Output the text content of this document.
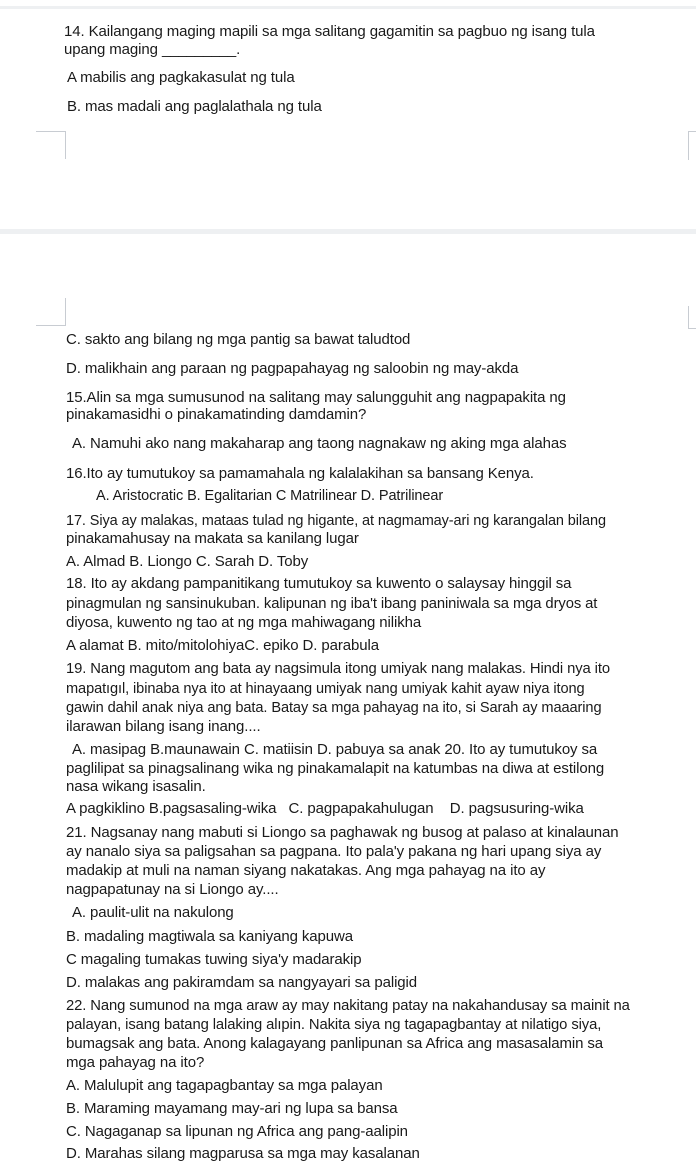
14. Kailangang maging mapili sa mga salitang gagamitin sa pagbuo ng isang tula
upang maging _________.
A mabilis ang pagkakasulat ng tula
B. mas madali ang paglalathala ng tula
C. sakto ang bilang ng mga pantig sa bawat taludtod
D. malikhain ang paraan ng pagpapahayag ng saloobin ng may-akda
15.Alin sa mga sumusunod na salitang may salungguhit ang nagpapakita ng
pinakamasidhi o pinakamatinding damdamin?
A. Namuhi ako nang makaharap ang taong nagnakaw ng aking mga alahas
16.Ito ay tumutukoy sa pamamahala ng kalalakihan sa bansang Kenya.
A. Aristocratic B. Egalitarian C Matrilinear D. Patrilinear
17. Siya ay malakas, mataas tulad ng higante, at nagmamay-ari ng karangalan bilang
pinakamahusay na makata sa kanilang lugar
A. Almad B. Liongo C. Sarah D. Toby
18. Ito ay akdang pampanitikang tumutukoy sa kuwento o salaysay hinggil sa
pinagmulan ng sansinukuban. kalipunan ng iba't ibang paniniwala sa mga dryos at
diyosa, kuwento ng tao at ng mga mahiwagang nilikha
A alamat B. mito/mitolohiyaC. epiko D. parabula
19. Nang magutom ang bata ay nagsimula itong umiyak nang malakas. Hindi nya ito
mapatıgıl, ibinaba nya ito at hinayaang umiyak nang umiyak kahit ayaw niya itong
gawin dahil anak niya ang bata. Batay sa mga pahayag na ito, si Sarah ay maaaring
ilarawan bilang isang inang....
A. masipag B.maunawain C. matiisin D. pabuya sa anak 20. Ito ay tumutukoy sa
paglilipat sa pinagsalinang wika ng pinakamalapit na katumbas na diwa at estilong
nasa wikang isasalin.
A pagkiklino B.pagsasaling-wika   C. pagpapakahulugan    D. pagsusuring-wika
21. Nagsanay nang mabuti si Liongo sa paghawak ng busog at palaso at kinalaunan
ay nanalo siya sa paligsahan sa pagpana. Ito pala'y pakana ng hari upang siya ay
madakip at muli na naman siyang nakatakas. Ang mga pahayag na ito ay
nagpapatunay na si Liongo ay....
A. paulit-ulit na nakulong
B. madaling magtiwala sa kaniyang kapuwa
C magaling tumakas tuwing siya'y madarakip
D. malakas ang pakiramdam sa nangyayari sa paligid
22. Nang sumunod na mga araw ay may nakitang patay na nakahandusay sa mainit na
palayan, isang batang lalaking alıpin. Nakita siya ng tagapagbantay at nilatigo siya,
bumagsak ang bata. Anong kalagayang panlipunan sa Africa ang masasalamin sa
mga pahayag na ito?
A. Malulupit ang tagapagbantay sa mga palayan
B. Maraming mayamang may-ari ng lupa sa bansa
C. Nagaganap sa lipunan ng Africa ang pang-aalipin
D. Marahas silang magparusa sa mga may kasalanan
